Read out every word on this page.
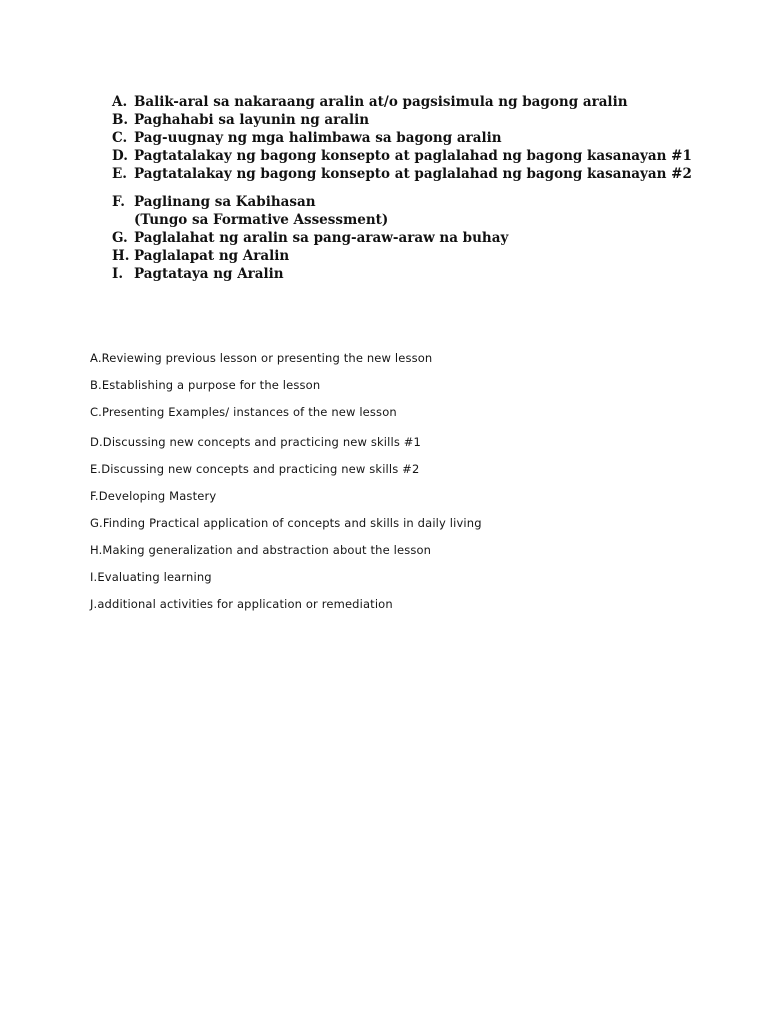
A. Balik-aral sa nakaraang aralin at/o pagsisimula ng bagong aralin
B. Paghahabi sa layunin ng aralin
C. Pag-uugnay ng mga halimbawa sa bagong aralin
D. Pagtatalakay ng bagong konsepto at paglalahad ng bagong kasanayan #1
E. Pagtatalakay ng bagong konsepto at paglalahad ng bagong kasanayan #2
F. Paglinang sa Kabihasan
(Tungo sa Formative Assessment)
G. Paglalahat ng aralin sa pang-araw-araw na buhay
H. Paglalapat ng Aralin
I. Pagtataya ng Aralin
A.Reviewing previous lesson or presenting the new lesson
B.Establishing a purpose for the lesson
C.Presenting Examples/ instances of the new lesson
D.Discussing new concepts and practicing new skills #1
E.Discussing new concepts and practicing new skills #2
F.Developing Mastery
G.Finding Practical application of concepts and skills in daily living
H.Making generalization and abstraction about the lesson
I.Evaluating learning
J.additional activities for application or remediation
